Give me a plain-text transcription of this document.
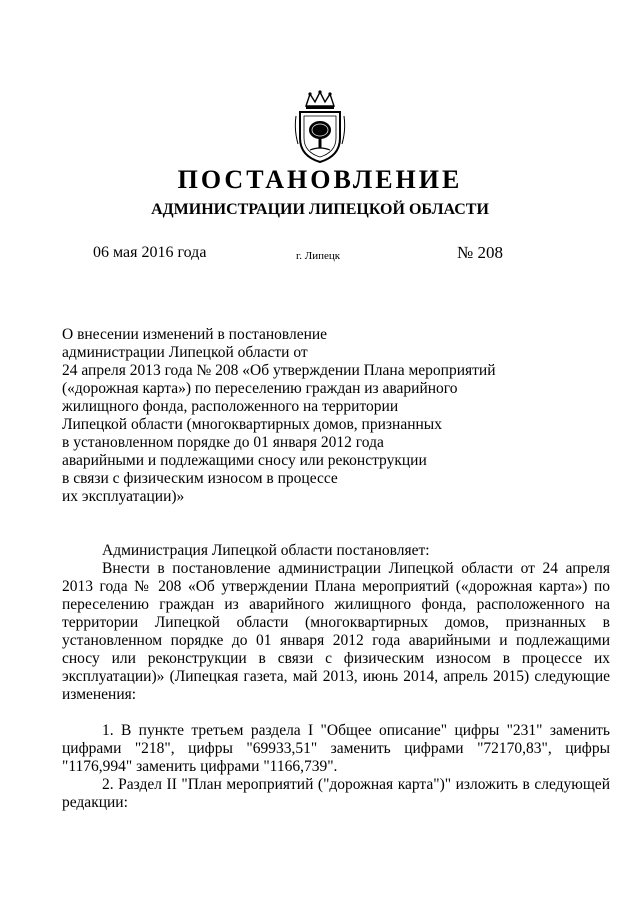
ПОСТАНОВЛЕНИЕ
АДМИНИСТРАЦИИ ЛИПЕЦКОЙ ОБЛАСТИ
06 мая 2016 года	г. Липецк	№ 208
О внесении изменений в постановление
администрации Липецкой области от
24 апреля 2013 года № 208 «Об утверждении Плана мероприятий
(«дорожная карта») по переселению граждан из аварийного
жилищного фонда, расположенного на территории
Липецкой области (многоквартирных домов, признанных
в установленном порядке до 01 января 2012 года
аварийными и подлежащими сносу или реконструкции
в связи с физическим износом в процессе
их эксплуатации)»
Администрация Липецкой области постановляет:
Внести в постановление администрации Липецкой области от 24 апреля 2013 года № 208 «Об утверждении Плана мероприятий («дорожная карта») по переселению граждан из аварийного жилищного фонда, расположенного на территории Липецкой области (многоквартирных домов, признанных в установленном порядке до 01 января 2012 года аварийными и подлежащими сносу или реконструкции в связи с физическим износом в процессе их эксплуатации)» (Липецкая газета, май 2013, июнь 2014, апрель 2015) следующие изменения:
1. В пункте третьем раздела I "Общее описание" цифры "231" заменить цифрами "218", цифры "69933,51" заменить цифрами "72170,83", цифры "1176,994" заменить цифрами "1166,739".
2. Раздел II "План мероприятий ("дорожная карта")" изложить в следующей редакции:
